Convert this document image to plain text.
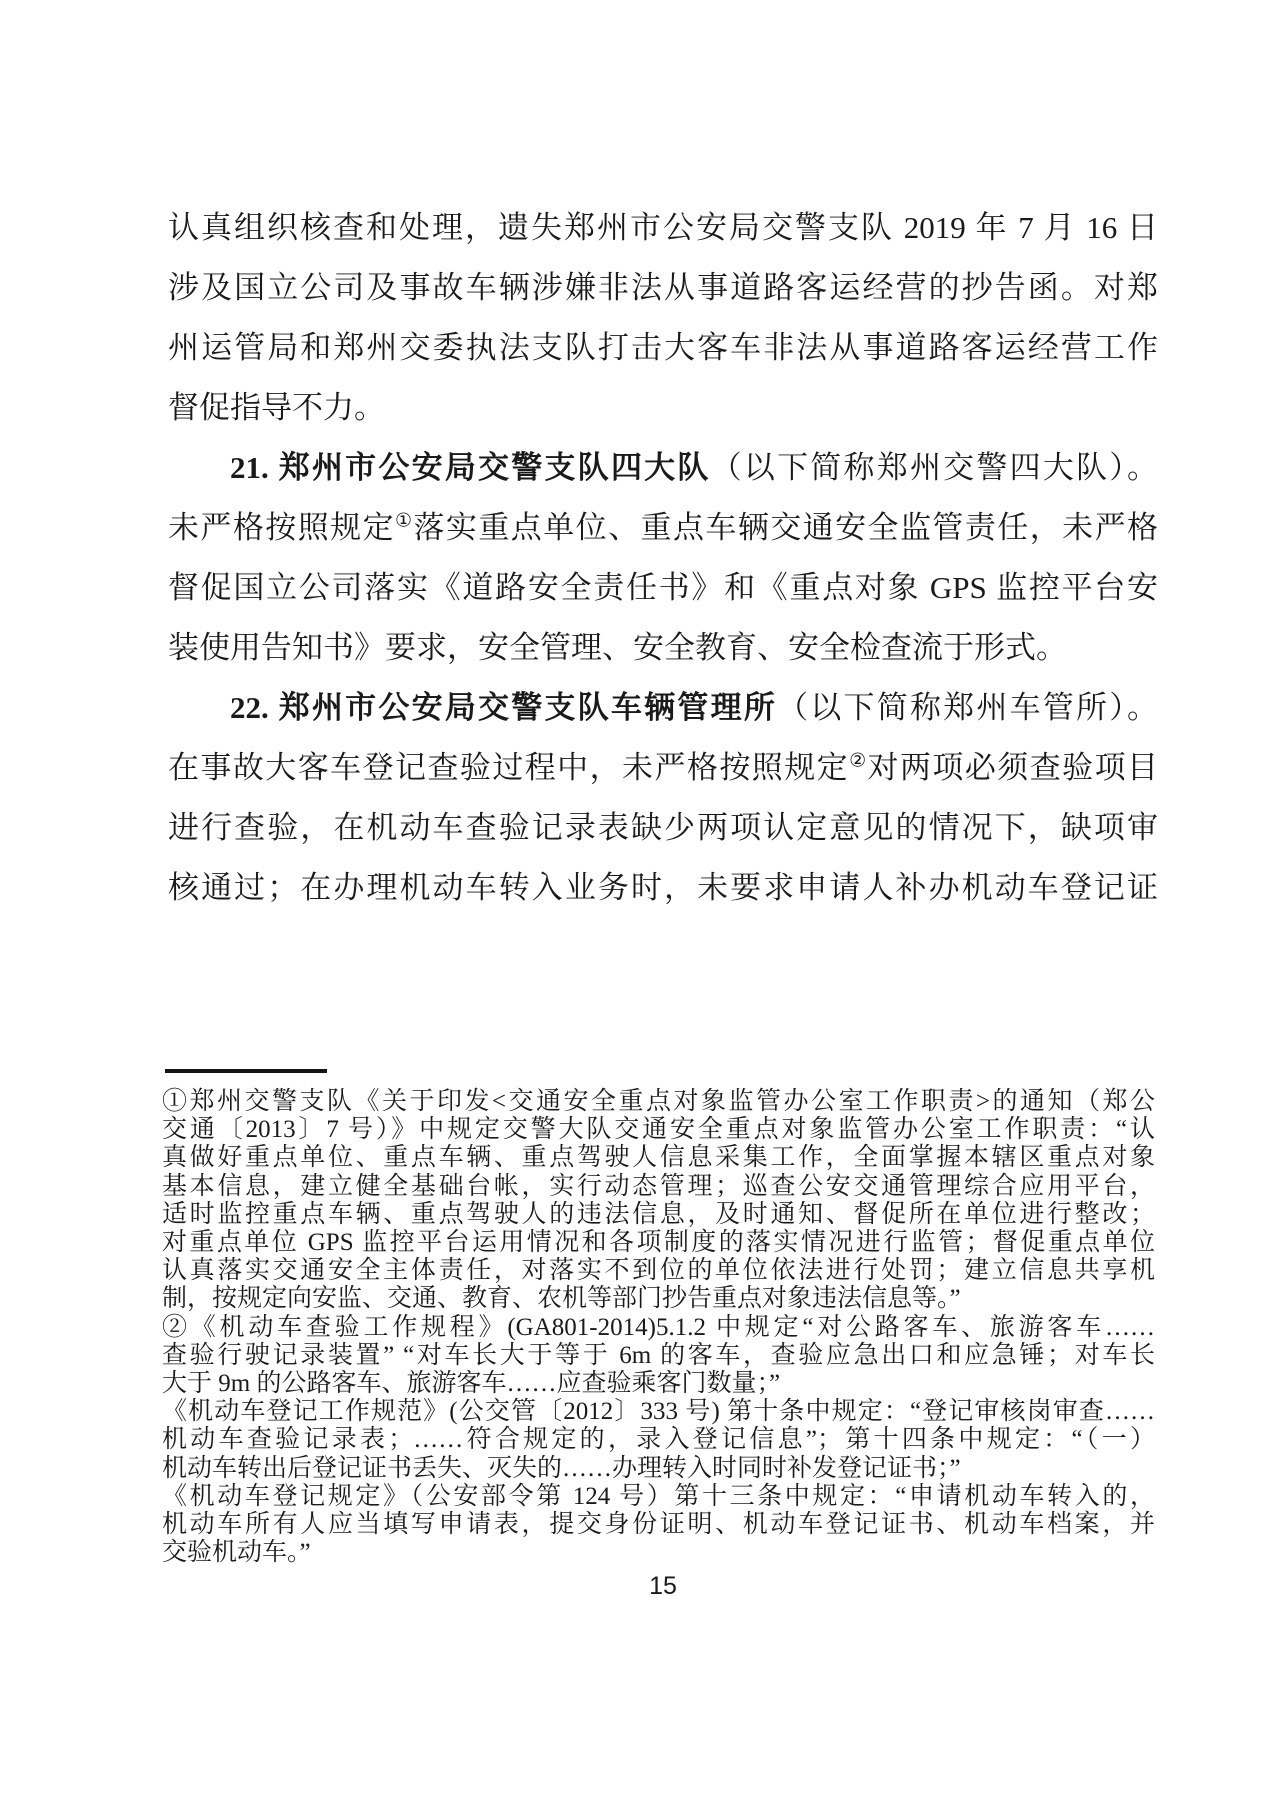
认真组织核查和处理，遗失郑州市公安局交警支队 2019 年 7 月 16 日
涉及国立公司及事故车辆涉嫌非法从事道路客运经营的抄告函。对郑
州运管局和郑州交委执法支队打击大客车非法从事道路客运经营工作
督促指导不力。
21. 郑州市公安局交警支队四大队（以下简称郑州交警四大队）。
未严格按照规定①落实重点单位、重点车辆交通安全监管责任，未严格
督促国立公司落实《道路安全责任书》和《重点对象 GPS 监控平台安
装使用告知书》要求，安全管理、安全教育、安全检查流于形式。
22. 郑州市公安局交警支队车辆管理所（以下简称郑州车管所）。
在事故大客车登记查验过程中，未严格按照规定②对两项必须查验项目
进行查验，在机动车查验记录表缺少两项认定意见的情况下，缺项审
核通过；在办理机动车转入业务时，未要求申请人补办机动车登记证
①郑州交警支队《关于印发<交通安全重点对象监管办公室工作职责>的通知（郑公
交通〔2013〕7 号）》中规定交警大队交通安全重点对象监管办公室工作职责：“认
真做好重点单位、重点车辆、重点驾驶人信息采集工作，全面掌握本辖区重点对象
基本信息，建立健全基础台帐，实行动态管理；巡查公安交通管理综合应用平台，
适时监控重点车辆、重点驾驶人的违法信息，及时通知、督促所在单位进行整改；
对重点单位 GPS 监控平台运用情况和各项制度的落实情况进行监管；督促重点单位
认真落实交通安全主体责任，对落实不到位的单位依法进行处罚；建立信息共享机
制，按规定向安监、交通、教育、农机等部门抄告重点对象违法信息等。”
②《机动车查验工作规程》(GA801-2014)5.1.2 中规定“对公路客车、旅游客车……
查验行驶记录装置” “对车长大于等于 6m 的客车，查验应急出口和应急锤；对车长
大于 9m 的公路客车、旅游客车……应查验乘客门数量；”
《机动车登记工作规范》(公交管〔2012〕333 号) 第十条中规定：“登记审核岗审查……
机动车查验记录表；……符合规定的，录入登记信息”；第十四条中规定：“（一）
机动车转出后登记证书丢失、灭失的……办理转入时同时补发登记证书；”
《机动车登记规定》（公安部令第 124 号）第十三条中规定：“申请机动车转入的，
机动车所有人应当填写申请表，提交身份证明、机动车登记证书、机动车档案，并
交验机动车。”
15
